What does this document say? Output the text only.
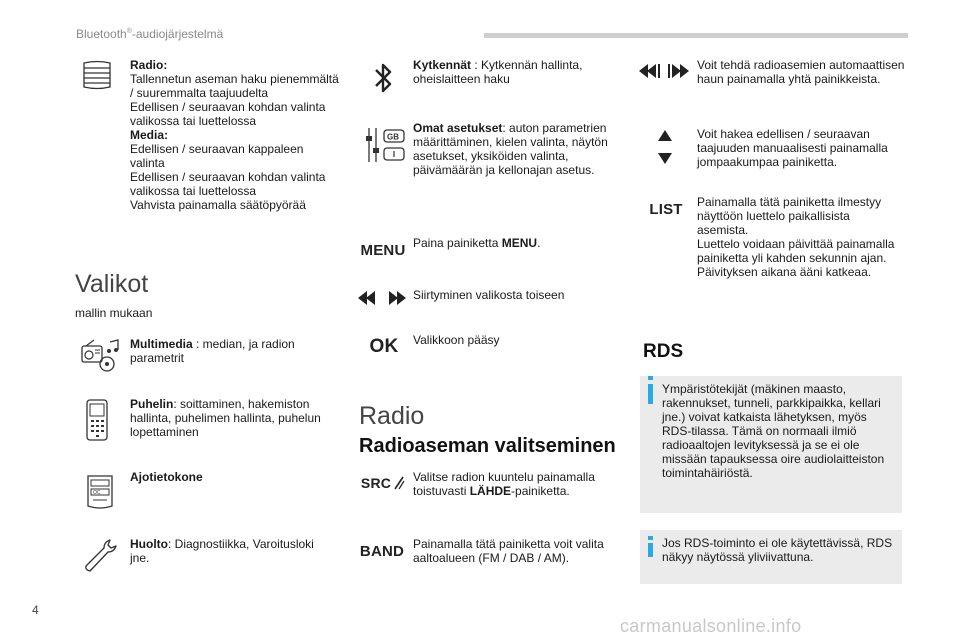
Bluetooth®-audiojärjestelmä
Radio:
Tallennetun aseman haku pienemmältä / suuremmalta taajuudelta
Edellisen / seuraavan kohdan valinta valikossa tai luettelossa
Media:
Edellisen / seuraavan kappaleen valinta
Edellisen / seuraavan kohdan valinta valikossa tai luettelossa
Vahvista painamalla säätöpyörää
Valikot
mallin mukaan
Multimedia : median, ja radion parametrit
Puhelin: soittaminen, hakemiston hallinta, puhelimen hallinta, puhelun lopettaminen
OC
Ajotietokone
Huolto: Diagnostiikka, Varoitusloki jne.
Kytkennät : Kytkennän hallinta, oheislaitteen haku
GB
Omat asetukset: auton parametrien määrittäminen, kielen valinta, näytön asetukset, yksiköiden valinta, päivämäärän ja kellonajan asetus.
MENU Paina painiketta MENU.
Siirtyminen valikosta toiseen
OK	Valikkoon pääsy
Radio
Radioaseman valitseminen
SRC Valitse radion kuuntelu painamalla toistuvasti LÄHDE-painiketta.
BAND Painamalla tätä painiketta voit valita aaltoalueen (FM / DAB / AM).
Voit tehdä radioasemien automaattisen haun painamalla yhtä painikkeista.
Voit hakea edellisen / seuraavan taajuuden manuaalisesti painamalla jompaakumpaa painiketta.
LIST Painamalla tätä painiketta ilmestyy näyttöön luettelo paikallisista asemista.
Luettelo voidaan päivittää painamalla painiketta yli kahden sekunnin ajan. Päivityksen aikana ääni katkeaa.
RDS
Ympäristötekijät (mäkinen maasto, rakennukset, tunneli, parkkipaikka, kellari jne.) voivat katkaista lähetyksen, myös RDS-tilassa. Tämä on normaali ilmiö radioaaltojen levityksessä ja se ei ole missään tapauksessa oire audiolaitteiston toimintahäiriöstä.
Jos RDS-toiminto ei ole käytettävissä, RDS näkyy näytössä yliviivattuna.
4
carmanualsonline.info
